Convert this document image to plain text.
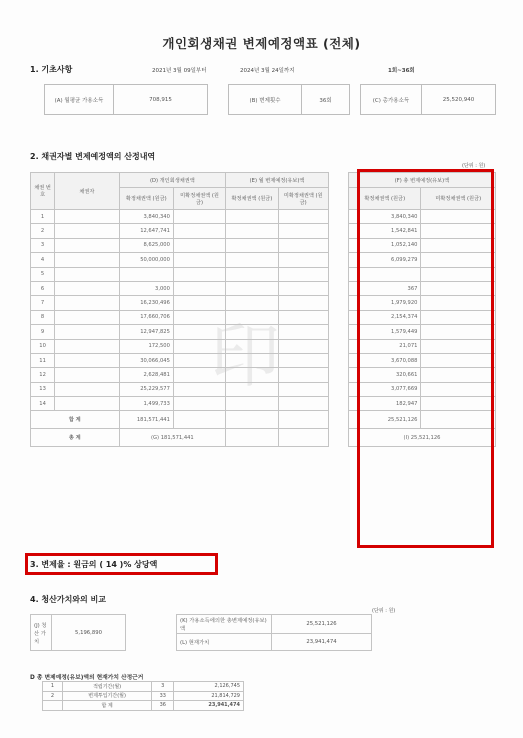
印
개인회생채권 변제예정액표 (전체)
1. 기초사항	2021년 3월 09일부터	2024년 3월 24일까지	1회~36회
(A) 월평균 가용소득	708,915	(B) 변제횟수	36회	(C) 총가용소득	25,520,940
2. 채권자별 변제예정액의 산정내역
(단위 : 원)
채권 번호	채권자	(D) 개인회생채권액		(E) 월 변제예정(유보)액			(F) 총 변제예정(유보)액	
		확정채권액 (원금)	미확정채권액 (원금)	확정채권액 (원금)	미확정채권액 (원금)		확정채권액 (원금)	미확정채권액 (원금)
1		3,840,340					3,840,340	
2		12,647,741					1,542,841	
3		8,625,000					1,052,140	
4		50,000,000					6,099,279	
5								
6		3,000					367	
7		16,230,496					1,979,920	
8		17,660,706					2,154,374	
9		12,947,825					1,579,449	
10		172,500					21,071	
11		30,066,045					3,670,088	
12		2,628,481					320,661	
13		25,229,577					3,077,669	
14		1,499,733					182,947	
합 계		181,571,441					25,521,126	
총 계		(G) 181,571,441					(I) 25,521,126	
3. 변제율 : 원금의 ( 14 )% 상당액
4. 청산가치와의 비교
(단위 : 원)
(J) 청산 가치	5,196,890
(K) 가용소득에의한 총변제예정(유보)액	25,521,126
(L) 현재가치	23,941,474
D 총 변제예정(유보)액의 현재가치 산정근거
1	적립기간(월)	3	2,126,745
2	변제투입기간(월)	33	21,814,729
	합 계	36	23,941,474
